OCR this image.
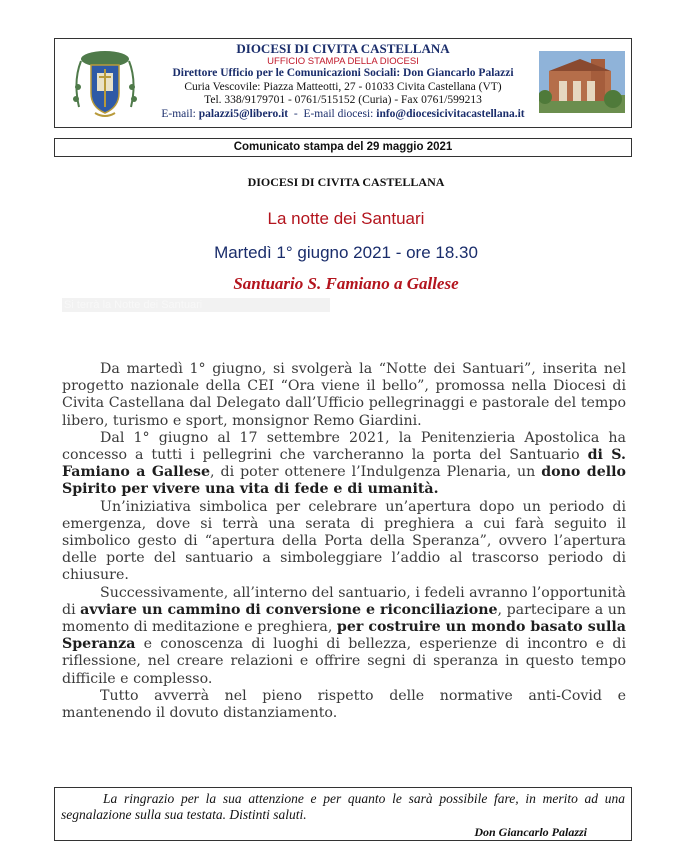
DIOCESI DI CIVITA CASTELLANA
UFFICIO STAMPA DELLA DIOCESI
Direttore Ufficio per le Comunicazioni Sociali: Don Giancarlo Palazzi
Curia Vescovile: Piazza Matteotti, 27 - 01033 Civita Castellana (VT)
Tel. 338/9179701 - 0761/515152 (Curia) - Fax 0761/599213
E-mail: palazzi5@libero.it  -  E-mail diocesi: info@diocesicivitacastellana.it
Comunicato stampa del 29 maggio 2021
DIOCESI DI CIVITA CASTELLANA
La notte dei Santuari
Martedì 1° giugno 2021 - ore 18.30
Santuario S. Famiano a Gallese
Si terrà la Notte dei Santuari

Da martedì 1° giugno, si svolgerà la “Notte dei Santuari”, inserita nel progetto nazionale della CEI “Ora viene il bello”, promossa nella Diocesi di Civita Castellana dal Delegato dall’Ufficio pellegrinaggi e pastorale del tempo libero, turismo e sport, monsignor Remo Giardini.

Dal 1° giugno al 17 settembre 2021, la Penitenzieria Apostolica ha concesso a tutti i pellegrini che varcheranno la porta del Santuario di S. Famiano a Gallese, di poter ottenere l’Indulgenza Plenaria, un dono dello Spirito per vivere una vita di fede e di umanità.

Un’iniziativa simbolica per celebrare un’apertura dopo un periodo di emergenza, dove si terrà una serata di preghiera a cui farà seguito il simbolico gesto di “apertura della Porta della Speranza”, ovvero l’apertura delle porte del santuario a simboleggiare l’addio al trascorso periodo di chiusure.

Successivamente, all’interno del santuario, i fedeli avranno l’opportunità di avviare un cammino di conversione e riconciliazione, partecipare a un momento di meditazione e preghiera, per costruire un mondo basato sulla Speranza e conoscenza di luoghi di bellezza, esperienze di incontro e di riflessione, nel creare relazioni e offrire segni di speranza in questo tempo difficile e complesso.

Tutto avverrà nel pieno rispetto delle normative anti-Covid e mantenendo il dovuto distanziamento.

La ringrazio per la sua attenzione e per quanto le sarà possibile fare, in merito ad una segnalazione sulla sua testata. Distinti saluti.
Don Giancarlo Palazzi
